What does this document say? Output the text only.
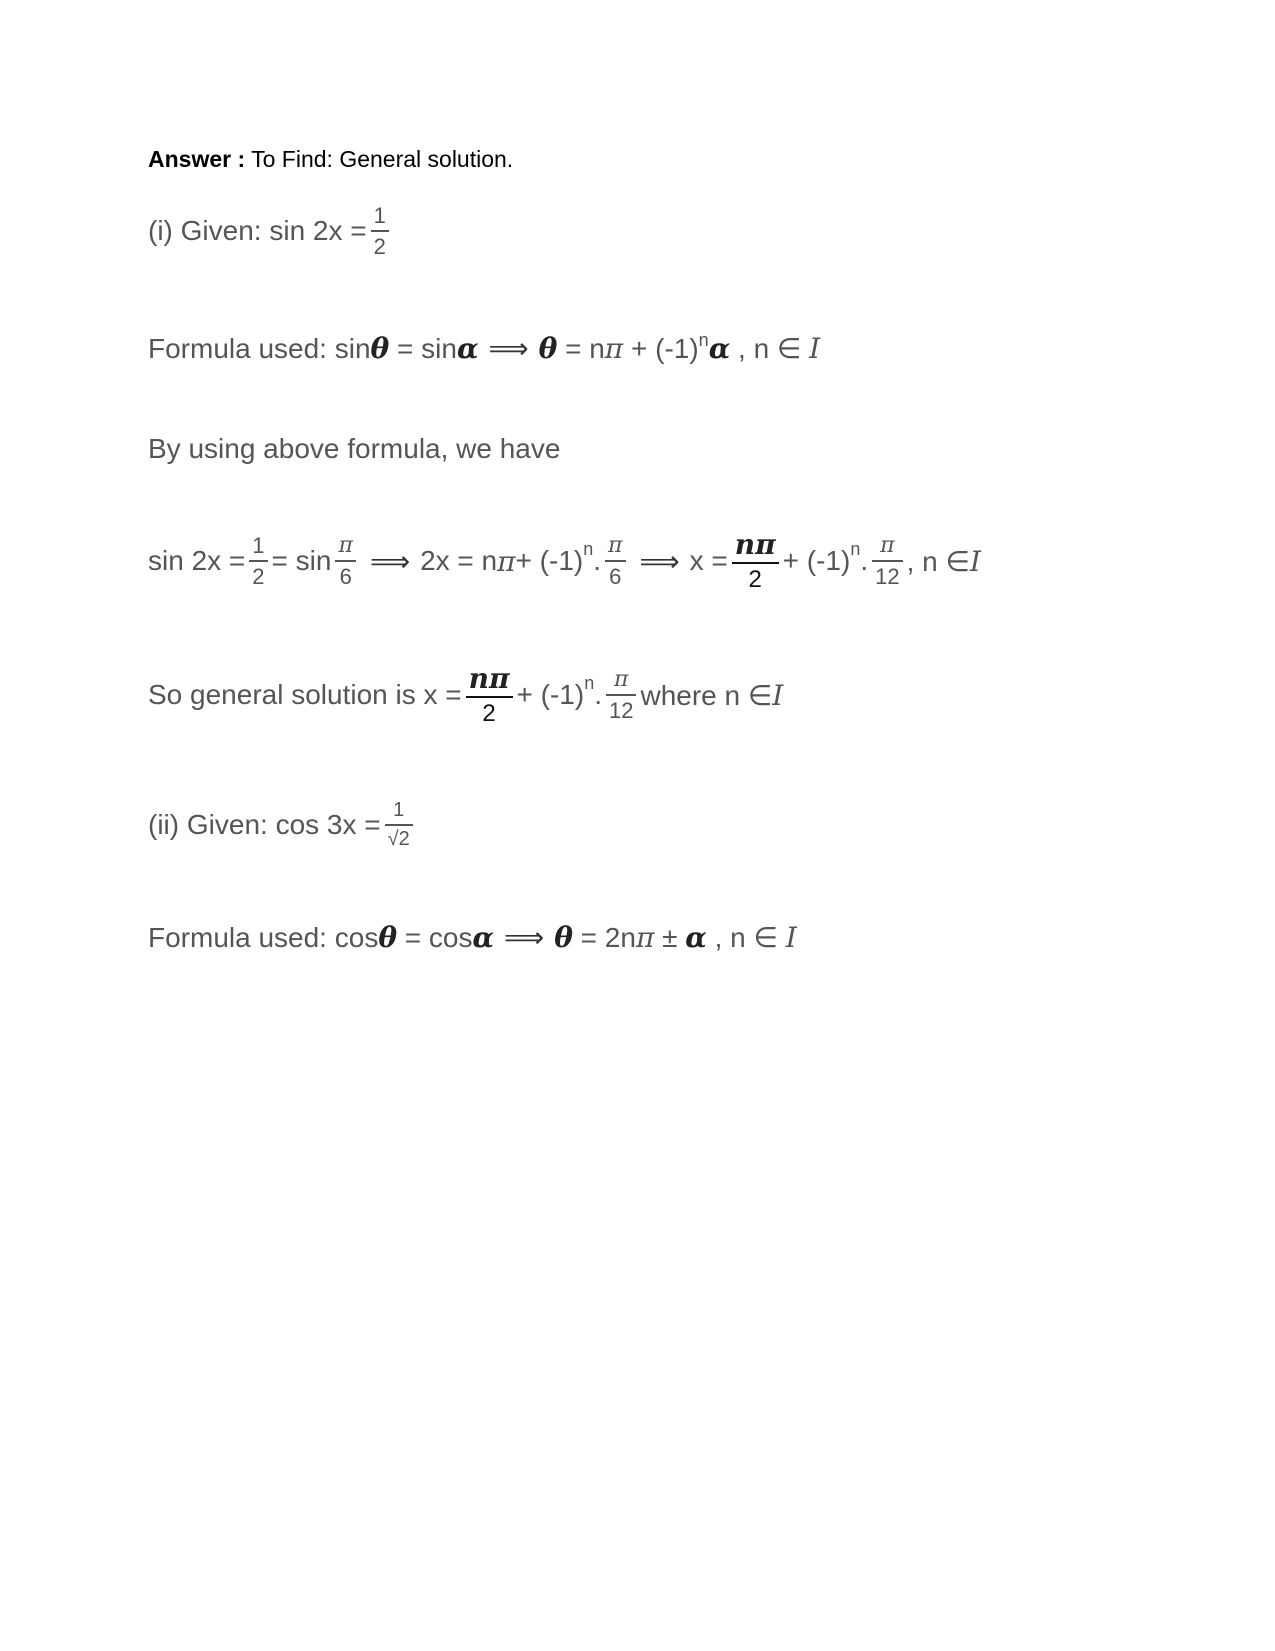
Answer : To Find: General solution.
(i) Given: $\sin 2x = \frac{1}{2}$
Formula used: sinθ = sinα ⟹ $\theta = n\pi + (-1)^n\alpha$ , n ∈ I
By using above formula, we have
$\sin 2x = \frac{1}{2} = \sin \frac{\pi}{6}$ ⟹ 2x = n π + (-1) n . $\frac{\pi}{6}$ ⟹ $x = \frac{n\pi}{2} + (-1)$ n . $\frac{\pi}{12}$ , n ∈ I
So general solution is $x = \frac{n\pi}{2} + (-1)$ n . $\frac{\pi}{12}$ where n ∈ I
(ii) Given: $\cos 3x = \frac{1}{√2}$
Formula used: cosθ = cosα ⟹ θ = 2nπ ± α , n ∈ I
